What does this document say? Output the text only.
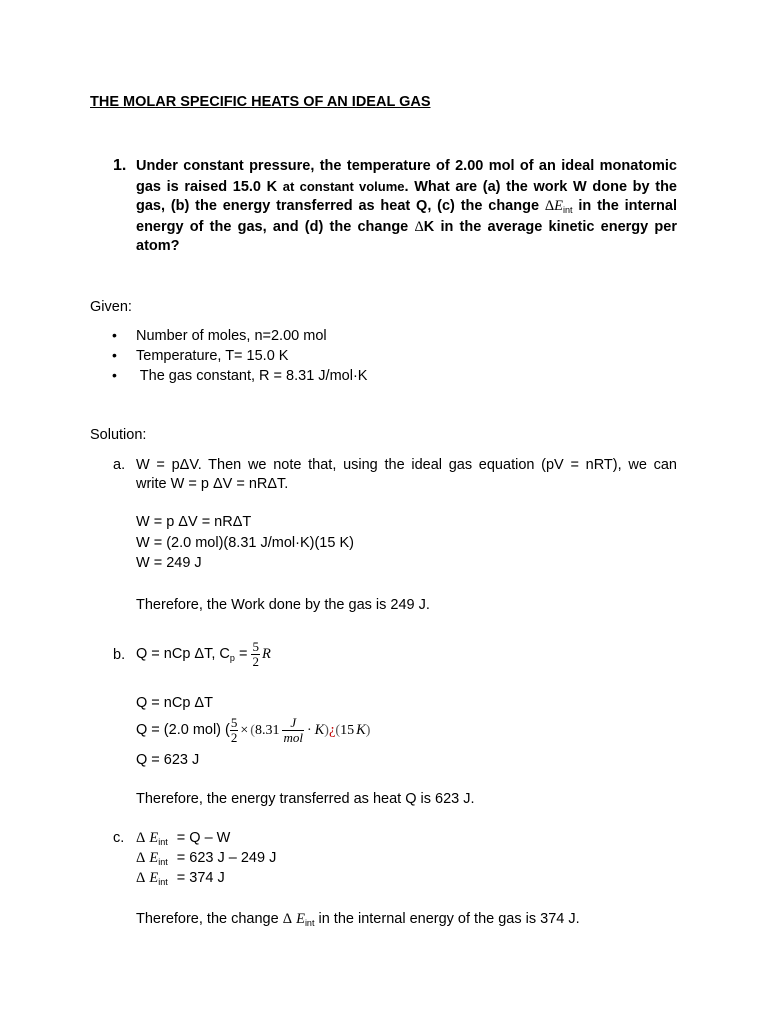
THE MOLAR SPECIFIC HEATS OF AN IDEAL GAS
1. Under constant pressure, the temperature of 2.00 mol of an ideal monatomic gas is raised 15.0 K at constant volume. What are (a) the work W done by the gas, (b) the energy transferred as heat Q, (c) the change $\Delta E_{int}$ in the internal energy of the gas, and (d) the change ΔK in the average kinetic energy per atom?
Given:
• Number of moles, n=2.00 mol
• Temperature, T= 15.0 K
• The gas constant, R = 8.31 J/mol·K
Solution:
a. W = pΔV. Then we note that, using the ideal gas equation (pV = nRT), we can
write W = p ΔV = nRΔT.
W = p ΔV = nRΔT
W = (2.0 mol)(8.31 J/mol·K)(15 K)
W = 249 J
Therefore, the Work done by the gas is 249 J.
b. Q = nCp ΔT, $C_p = \frac{5}{2}$ R
Q = nCp ΔT
Q = (2.0 mol) ( $\frac{5}{2} \times (8.31 \frac{J}{\text{mol}}$ · K)¿(15 K)
Q = 623 J
Therefore, the energy transferred as heat Q is 623 J.
c. Δ $E_{int} = Q - W$
Δ $E_{int} = 623$ J – 249 J
Δ $E_{int} = 374$ J
Therefore, the change Δ $E_{int}$ in the internal energy of the gas is 374 J.
